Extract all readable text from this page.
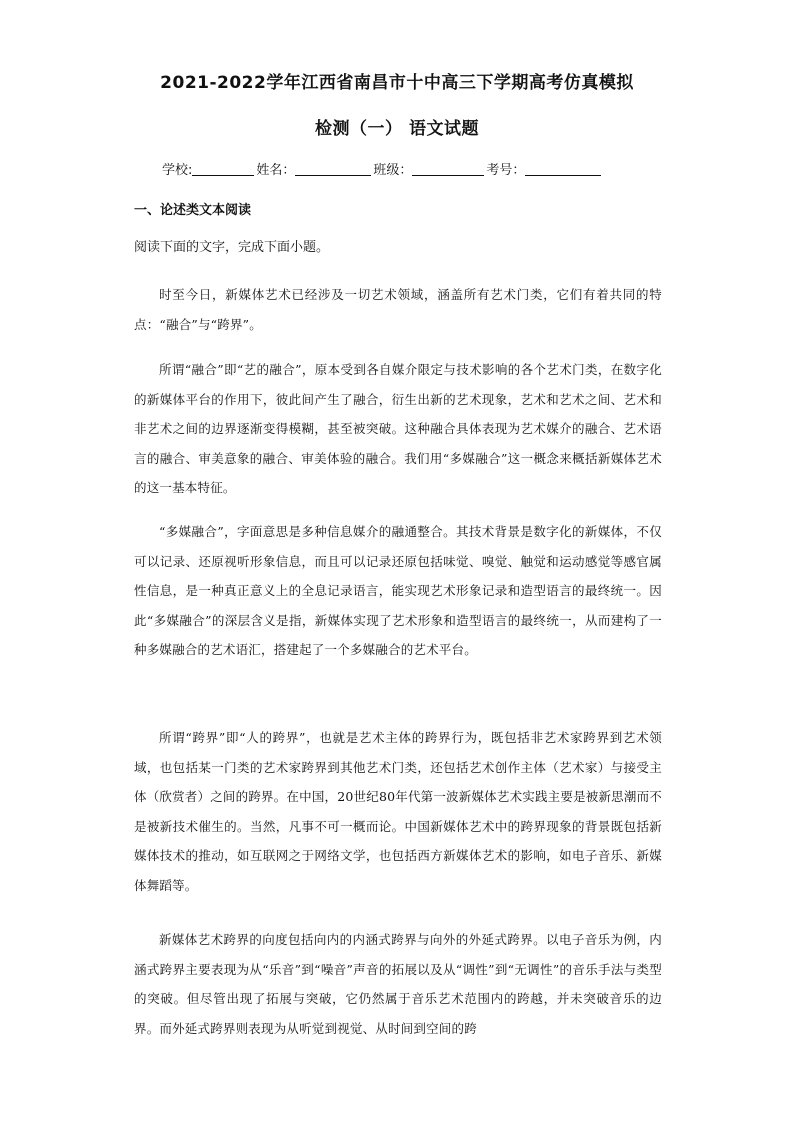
2021-2022学年江西省南昌市十中高三下学期高考仿真模拟
检测（一） 语文试题
学校:	姓名：	班级：	考号：
一、论述类文本阅读
阅读下面的文字，完成下面小题。
时至今日，新媒体艺术已经涉及一切艺术领域，涵盖所有艺术门类，它们有着共同的特点：“融合”与“跨界”。
所谓“融合”即“艺的融合”，原本受到各自媒介限定与技术影响的各个艺术门类，在数字化的新媒体平台的作用下，彼此间产生了融合，衍生出新的艺术现象，艺术和艺术之间、艺术和非艺术之间的边界逐渐变得模糊，甚至被突破。这种融合具体表现为艺术媒介的融合、艺术语言的融合、审美意象的融合、审美体验的融合。我们用“多媒融合”这一概念来概括新媒体艺术的这一基本特征。
“多媒融合”，字面意思是多种信息媒介的融通整合。其技术背景是数字化的新媒体，不仅可以记录、还原视听形象信息，而且可以记录还原包括味觉、嗅觉、触觉和运动感觉等感官属性信息，是一种真正意义上的全息记录语言，能实现艺术形象记录和造型语言的最终统一。因此“多媒融合”的深层含义是指，新媒体实现了艺术形象和造型语言的最终统一，从而建构了一种多媒融合的艺术语汇，搭建起了一个多媒融合的艺术平台。
所谓“跨界”即“人的跨界”，也就是艺术主体的跨界行为，既包括非艺术家跨界到艺术领域，也包括某一门类的艺术家跨界到其他艺术门类，还包括艺术创作主体（艺术家）与接受主体（欣赏者）之间的跨界。在中国，20世纪80年代第一波新媒体艺术实践主要是被新思潮而不是被新技术催生的。当然，凡事不可一概而论。中国新媒体艺术中的跨界现象的背景既包括新媒体技术的推动，如互联网之于网络文学，也包括西方新媒体艺术的影响，如电子音乐、新媒体舞蹈等。
新媒体艺术跨界的向度包括向内的内涵式跨界与向外的外延式跨界。以电子音乐为例，内涵式跨界主要表现为从“乐音”到“噪音”声音的拓展以及从“调性”到“无调性”的音乐手法与类型的突破。但尽管出现了拓展与突破，它仍然属于音乐艺术范围内的跨越，并未突破音乐的边界。而外延式跨界则表现为从听觉到视觉、从时间到空间的跨
